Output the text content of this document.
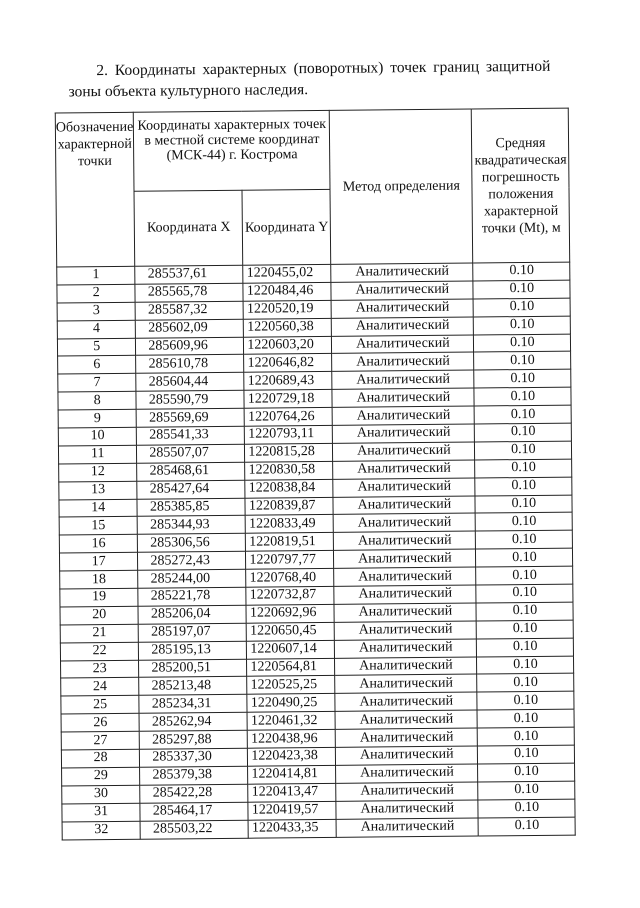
2. Координаты характерных (поворотных) точек границ защитной
зоны объекта культурного наследия.
Обозначение характерной точки	Координаты характерных точек в местной системе координат (МСК-44) г. Кострома		Метод определения	Средняя квадратическая погрешность положения характерной точки (Mt), м
	Координата X	Координата Y		
1	285537,61	1220455,02	Аналитический	0.10
2	285565,78	1220484,46	Аналитический	0.10
3	285587,32	1220520,19	Аналитический	0.10
4	285602,09	1220560,38	Аналитический	0.10
5	285609,96	1220603,20	Аналитический	0.10
6	285610,78	1220646,82	Аналитический	0.10
7	285604,44	1220689,43	Аналитический	0.10
8	285590,79	1220729,18	Аналитический	0.10
9	285569,69	1220764,26	Аналитический	0.10
10	285541,33	1220793,11	Аналитический	0.10
11	285507,07	1220815,28	Аналитический	0.10
12	285468,61	1220830,58	Аналитический	0.10
13	285427,64	1220838,84	Аналитический	0.10
14	285385,85	1220839,87	Аналитический	0.10
15	285344,93	1220833,49	Аналитический	0.10
16	285306,56	1220819,51	Аналитический	0.10
17	285272,43	1220797,77	Аналитический	0.10
18	285244,00	1220768,40	Аналитический	0.10
19	285221,78	1220732,87	Аналитический	0.10
20	285206,04	1220692,96	Аналитический	0.10
21	285197,07	1220650,45	Аналитический	0.10
22	285195,13	1220607,14	Аналитический	0.10
23	285200,51	1220564,81	Аналитический	0.10
24	285213,48	1220525,25	Аналитический	0.10
25	285234,31	1220490,25	Аналитический	0.10
26	285262,94	1220461,32	Аналитический	0.10
27	285297,88	1220438,96	Аналитический	0.10
28	285337,30	1220423,38	Аналитический	0.10
29	285379,38	1220414,81	Аналитический	0.10
30	285422,28	1220413,47	Аналитический	0.10
31	285464,17	1220419,57	Аналитический	0.10
32	285503,22	1220433,35	Аналитический	0.10
